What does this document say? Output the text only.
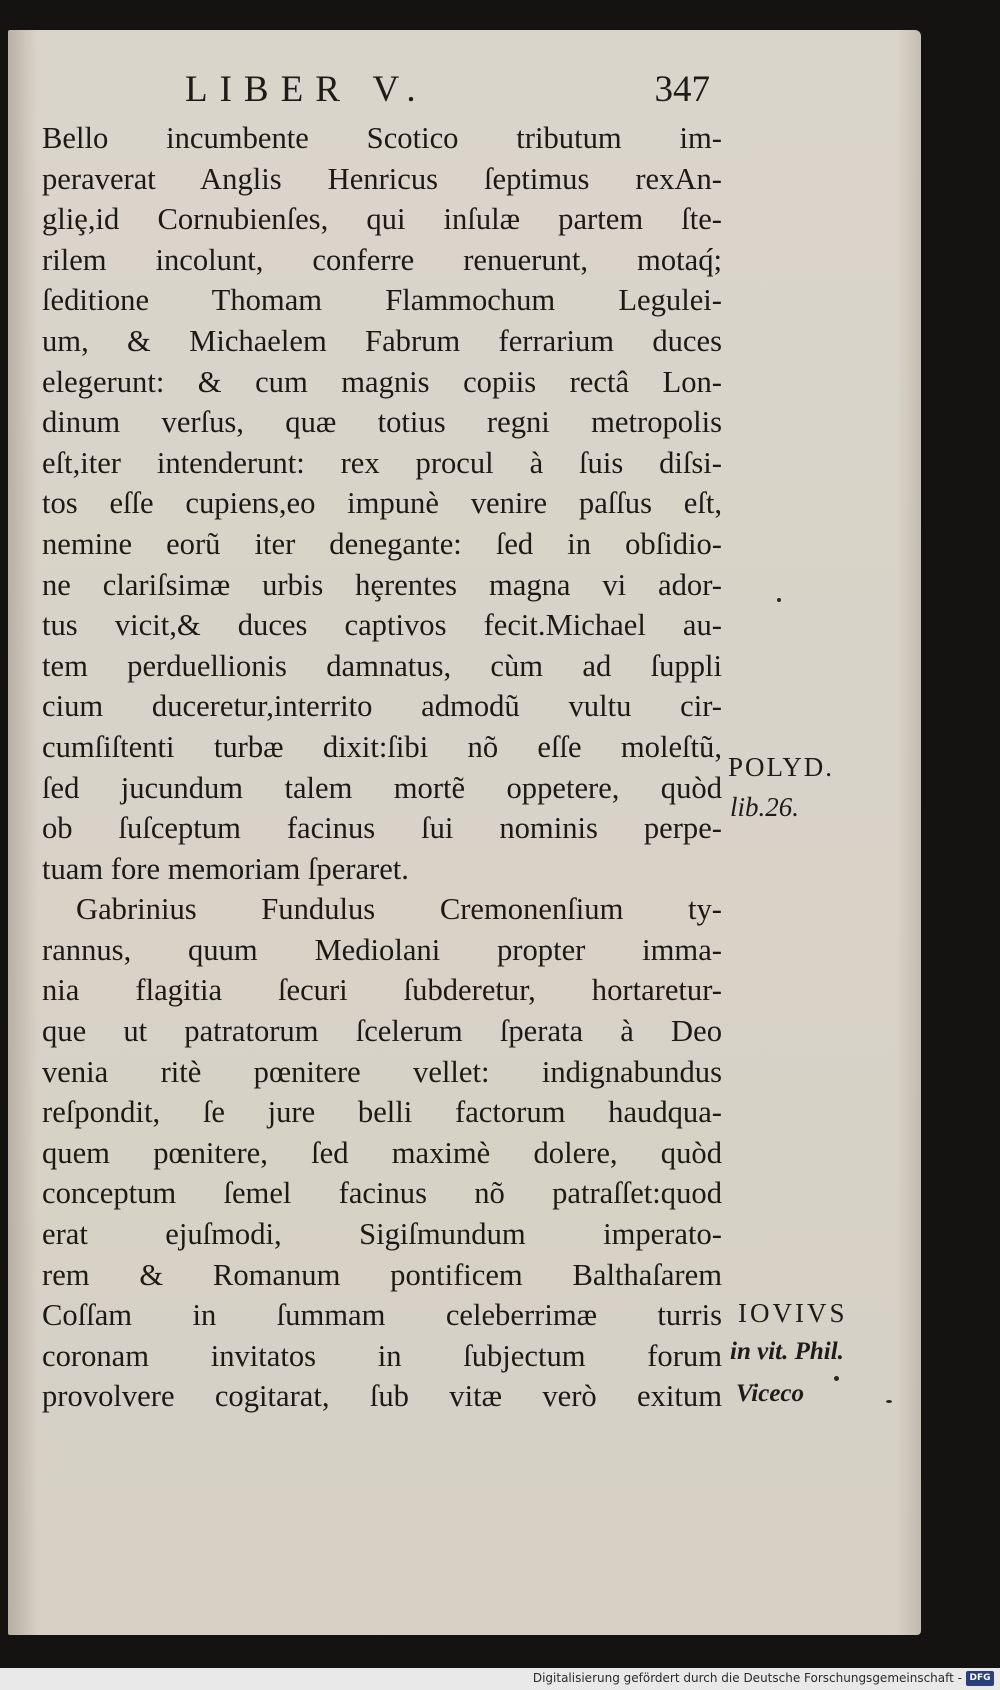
LIBER V.	347
Bello incumbente Scotico tributum im-
peraverat Anglis Henricus ſeptimus rexAn-
gliȩ,id Cornubienſes, qui inſulæ partem ſte-
rilem incolunt, conferre renuerunt, motaq́;
ſeditione Thomam Flammochum Legulei-
um, & Michaelem Fabrum ferrarium duces
elegerunt: & cum magnis copiis rectâ Lon-
dinum verſus, quæ totius regni metropolis
eſt,iter intenderunt: rex procul à ſuis diſsi-
tos eſſe cupiens,eo impunè venire paſſus eſt,
nemine eorũ iter denegante: ſed in obſidio-
ne clariſsimæ urbis hȩrentes magna vi ador-
tus vicit,& duces captivos fecit.Michael au-
tem perduellionis damnatus, cùm ad ſuppli
cium duceretur,interrito admodũ vultu cir-
cumſiſtenti turbæ dixit:ſibi nõ eſſe moleſtũ,
ſed jucundum talem mortẽ oppetere, quòd
ob ſuſceptum facinus ſui nominis perpe-
tuam fore memoriam ſperaret.
Gabrinius Fundulus Cremonenſium ty-
rannus, quum Mediolani propter imma-
nia flagitia ſecuri ſubderetur, hortaretur-
que ut patratorum ſcelerum ſperata à Deo
venia ritè pœnitere vellet: indignabundus
reſpondit, ſe jure belli factorum haudqua-
quem pœnitere, ſed maximè dolere, quòd
conceptum ſemel facinus nõ patraſſet:quod
erat ejuſmodi, Sigiſmundum imperato-
rem & Romanum pontificem Balthaſarem
Coſſam in ſummam celeberrimæ turris
coronam invitatos in ſubjectum forum
provolvere cogitarat, ſub vitæ verò exitum
POLYD.
lib.26.
IOVIVS
in vit. Phil.
Viceco
Digitalisierung gefördert durch die Deutsche Forschungsgemeinschaft - DFG
